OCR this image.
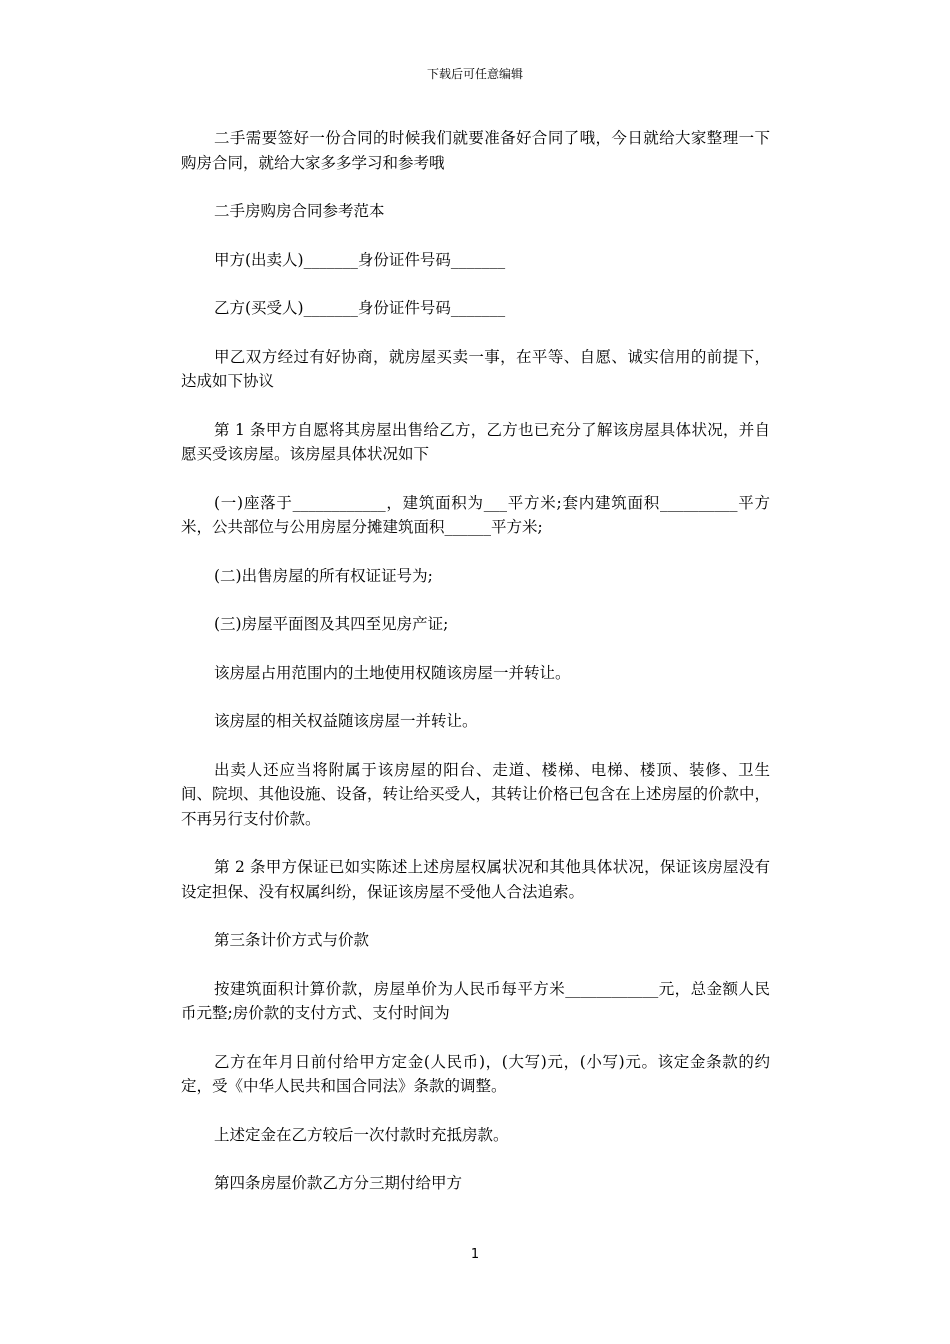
下载后可任意编辑

二手需要签好一份合同的时候我们就要准备好合同了哦，今日就给大家整理一下购房合同，就给大家多多学习和参考哦

二手房购房合同参考范本

甲方(出卖人)_______身份证件号码_______

乙方(买受人)_______身份证件号码_______

甲乙双方经过有好协商，就房屋买卖一事，在平等、自愿、诚实信用的前提下，达成如下协议

第 1 条甲方自愿将其房屋出售给乙方，乙方也已充分了解该房屋具体状况，并自愿买受该房屋。该房屋具体状况如下

(一)座落于____________，建筑面积为___平方米;套内建筑面积__________平方米，公共部位与公用房屋分摊建筑面积______平方米;

(二)出售房屋的所有权证证号为;

(三)房屋平面图及其四至见房产证;

该房屋占用范围内的土地使用权随该房屋一并转让。

该房屋的相关权益随该房屋一并转让。

出卖人还应当将附属于该房屋的阳台、走道、楼梯、电梯、楼顶、装修、卫生间、院坝、其他设施、设备，转让给买受人，其转让价格已包含在上述房屋的价款中，不再另行支付价款。

第 2 条甲方保证已如实陈述上述房屋权属状况和其他具体状况，保证该房屋没有设定担保、没有权属纠纷，保证该房屋不受他人合法追索。

第三条计价方式与价款

按建筑面积计算价款，房屋单价为人民币每平方米____________元，总金额人民币元整;房价款的支付方式、支付时间为

乙方在年月日前付给甲方定金(人民币)，(大写)元，(小写)元。该定金条款的约定，受《中华人民共和国合同法》条款的调整。

上述定金在乙方较后一次付款时充抵房款。

第四条房屋价款乙方分三期付给甲方

1
